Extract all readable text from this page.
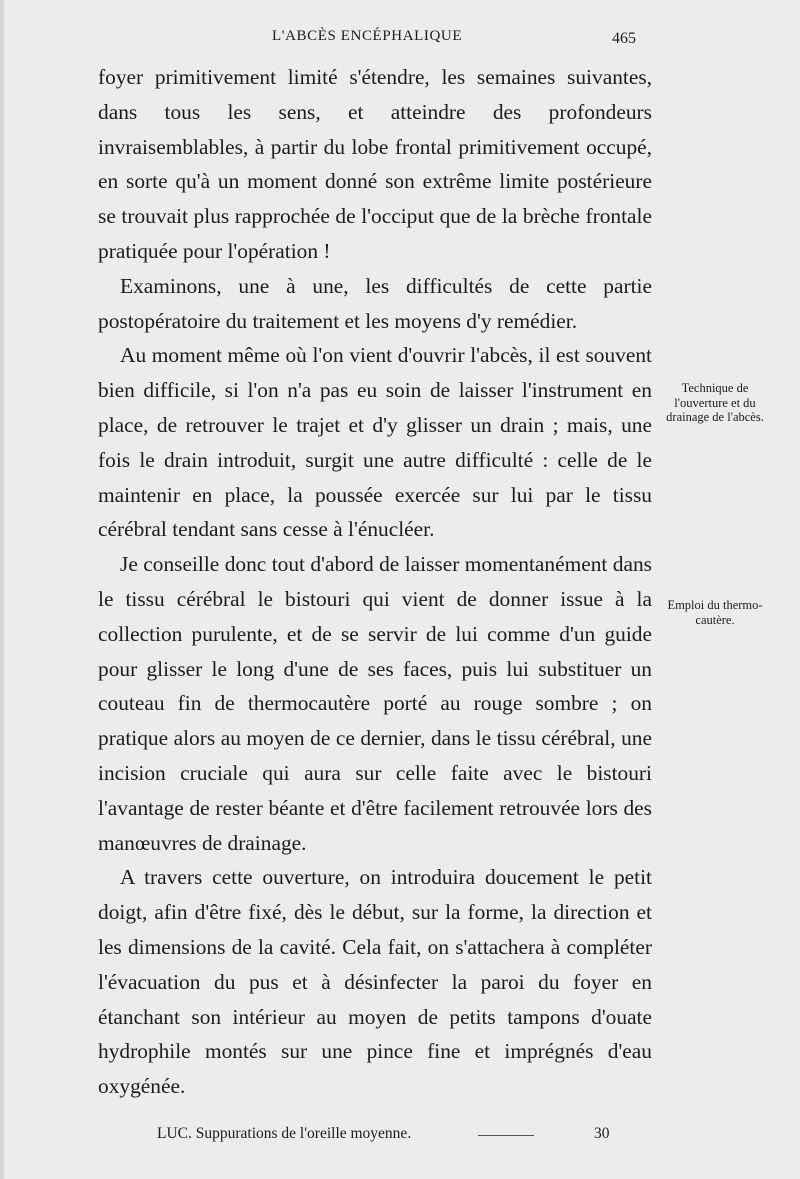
L'ABCÈS ENCÉPHALIQUE	465

foyer primitivement limité s'étendre, les semaines suivantes, dans tous les sens, et atteindre des profondeurs invraisemblables, à partir du lobe frontal primitivement occupé, en sorte qu'à un moment donné son extrême limite postérieure se trouvait plus rapprochée de l'occiput que de la brèche frontale pratiquée pour l'opération !

Examinons, une à une, les difficultés de cette partie postopératoire du traitement et les moyens d'y remédier.

Au moment même où l'on vient d'ouvrir l'abcès, il est souvent bien difficile, si l'on n'a pas eu soin de laisser l'instrument en place, de retrouver le trajet et d'y glisser un drain ; mais, une fois le drain introduit, surgit une autre difficulté : celle de le maintenir en place, la poussée exercée sur lui par le tissu cérébral tendant sans cesse à l'énucléer.

Je conseille donc tout d'abord de laisser momentanément dans le tissu cérébral le bistouri qui vient de donner issue à la collection purulente, et de se servir de lui comme d'un guide pour glisser le long d'une de ses faces, puis lui substituer un couteau fin de thermocautère porté au rouge sombre ; on pratique alors au moyen de ce dernier, dans le tissu cérébral, une incision cruciale qui aura sur celle faite avec le bistouri l'avantage de rester béante et d'être facilement retrouvée lors des manœuvres de drainage.

A travers cette ouverture, on introduira doucement le petit doigt, afin d'être fixé, dès le début, sur la forme, la direction et les dimensions de la cavité. Cela fait, on s'attachera à compléter l'évacuation du pus et à désinfecter la paroi du foyer en étanchant son intérieur au moyen de petits tampons d'ouate hydrophile montés sur une pince fine et imprégnés d'eau oxygénée.

Technique de l'ouverture et du drainage de l'abcès.
Emploi du thermo-cautère.
LUC. Suppurations de l'oreille moyenne.	30
